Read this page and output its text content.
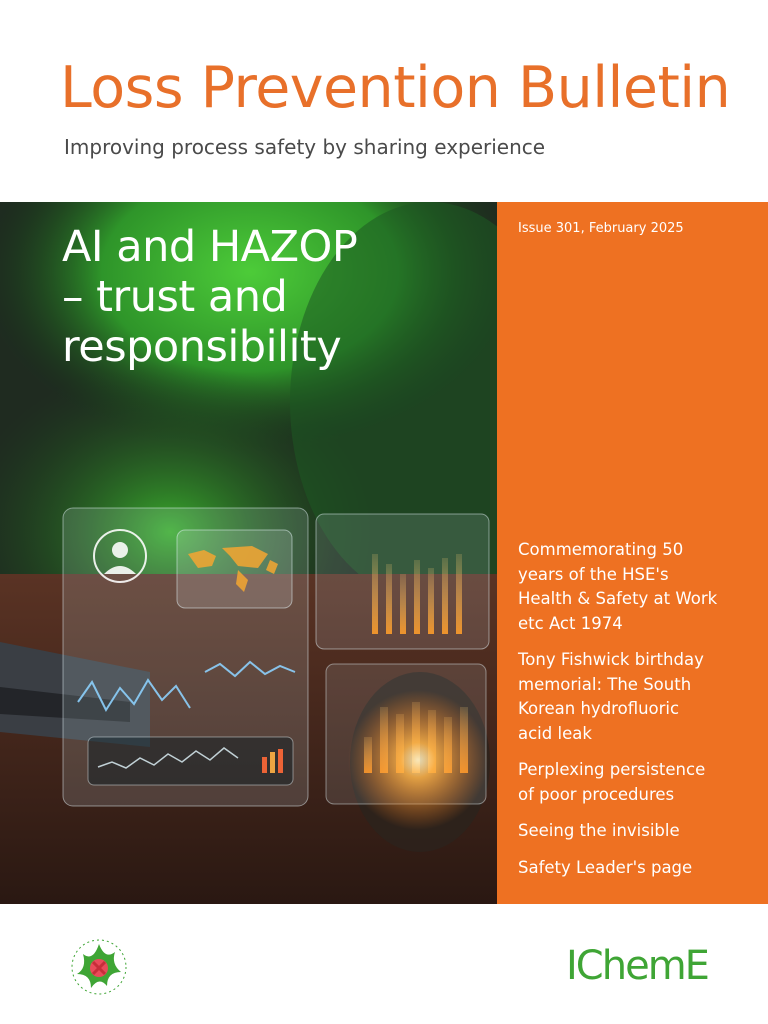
Loss Prevention Bulletin
Improving process safety by sharing experience
AI and HAZOP
– trust and
responsibility
Issue 301, February 2025
Commemorating 50 years of the HSE's Health & Safety at Work etc Act 1974
Tony Fishwick birthday memorial: The South Korean hydrofluoric acid leak
Perplexing persistence of poor procedures
Seeing the invisible
Safety Leader's page
IChemE
